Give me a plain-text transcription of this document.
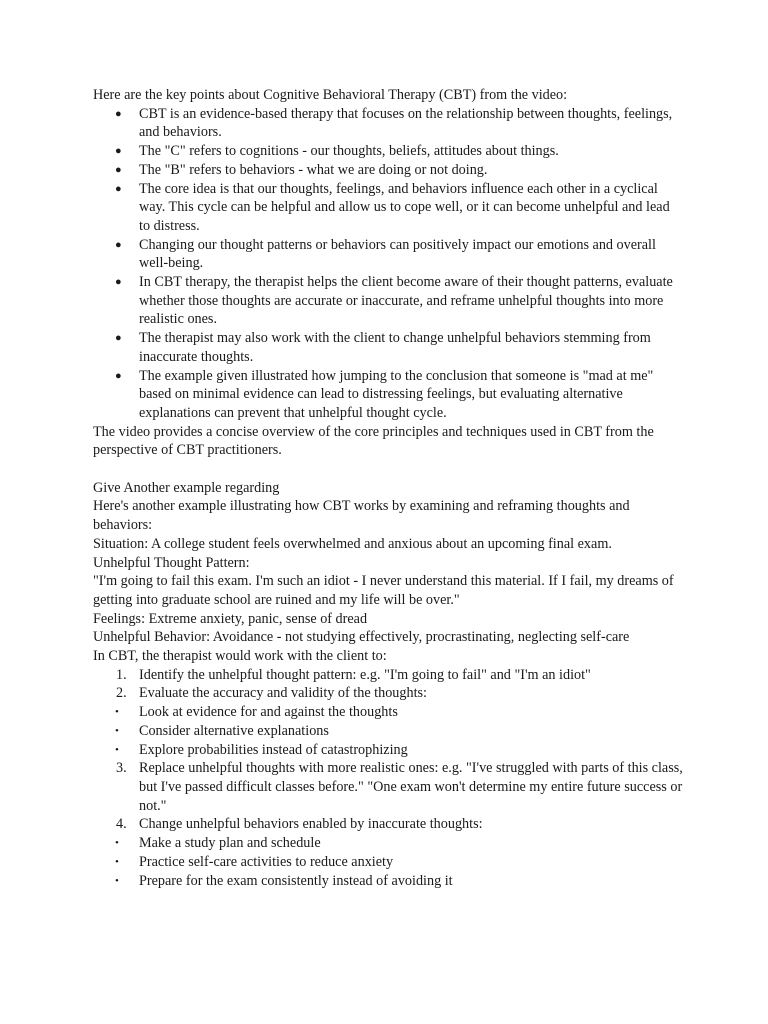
Here are the key points about Cognitive Behavioral Therapy (CBT) from the video:

●	CBT is an evidence-based therapy that focuses on the relationship between thoughts, feelings, and behaviors.
●	The "C" refers to cognitions - our thoughts, beliefs, attitudes about things.
●	The "B" refers to behaviors - what we are doing or not doing.
●	The core idea is that our thoughts, feelings, and behaviors influence each other in a cyclical way. This cycle can be helpful and allow us to cope well, or it can become unhelpful and lead to distress.
●	Changing our thought patterns or behaviors can positively impact our emotions and overall well-being.
●	In CBT therapy, the therapist helps the client become aware of their thought patterns, evaluate whether those thoughts are accurate or inaccurate, and reframe unhelpful thoughts into more realistic ones.
●	The therapist may also work with the client to change unhelpful behaviors stemming from inaccurate thoughts.
●	The example given illustrated how jumping to the conclusion that someone is "mad at me" based on minimal evidence can lead to distressing feelings, but evaluating alternative explanations can prevent that unhelpful thought cycle.

The video provides a concise overview of the core principles and techniques used in CBT from the perspective of CBT practitioners.

Give Another example regarding

Here's another example illustrating how CBT works by examining and reframing thoughts and behaviors:

Situation: A college student feels overwhelmed and anxious about an upcoming final exam.

Unhelpful Thought Pattern:

"I'm going to fail this exam. I'm such an idiot - I never understand this material. If I fail, my dreams of getting into graduate school are ruined and my life will be over."

Feelings: Extreme anxiety, panic, sense of dread

Unhelpful Behavior: Avoidance - not studying effectively, procrastinating, neglecting self-care

In CBT, the therapist would work with the client to:

1. Identify the unhelpful thought pattern: e.g. "I'm going to fail" and "I'm an idiot"
2. Evaluate the accuracy and validity of the thoughts:
•	Look at evidence for and against the thoughts
•	Consider alternative explanations
•	Explore probabilities instead of catastrophizing
3. Replace unhelpful thoughts with more realistic ones: e.g. "I've struggled with parts of this class, but I've passed difficult classes before." "One exam won't determine my entire future success or not."
4. Change unhelpful behaviors enabled by inaccurate thoughts:
•	Make a study plan and schedule
•	Practice self-care activities to reduce anxiety
•	Prepare for the exam consistently instead of avoiding it
